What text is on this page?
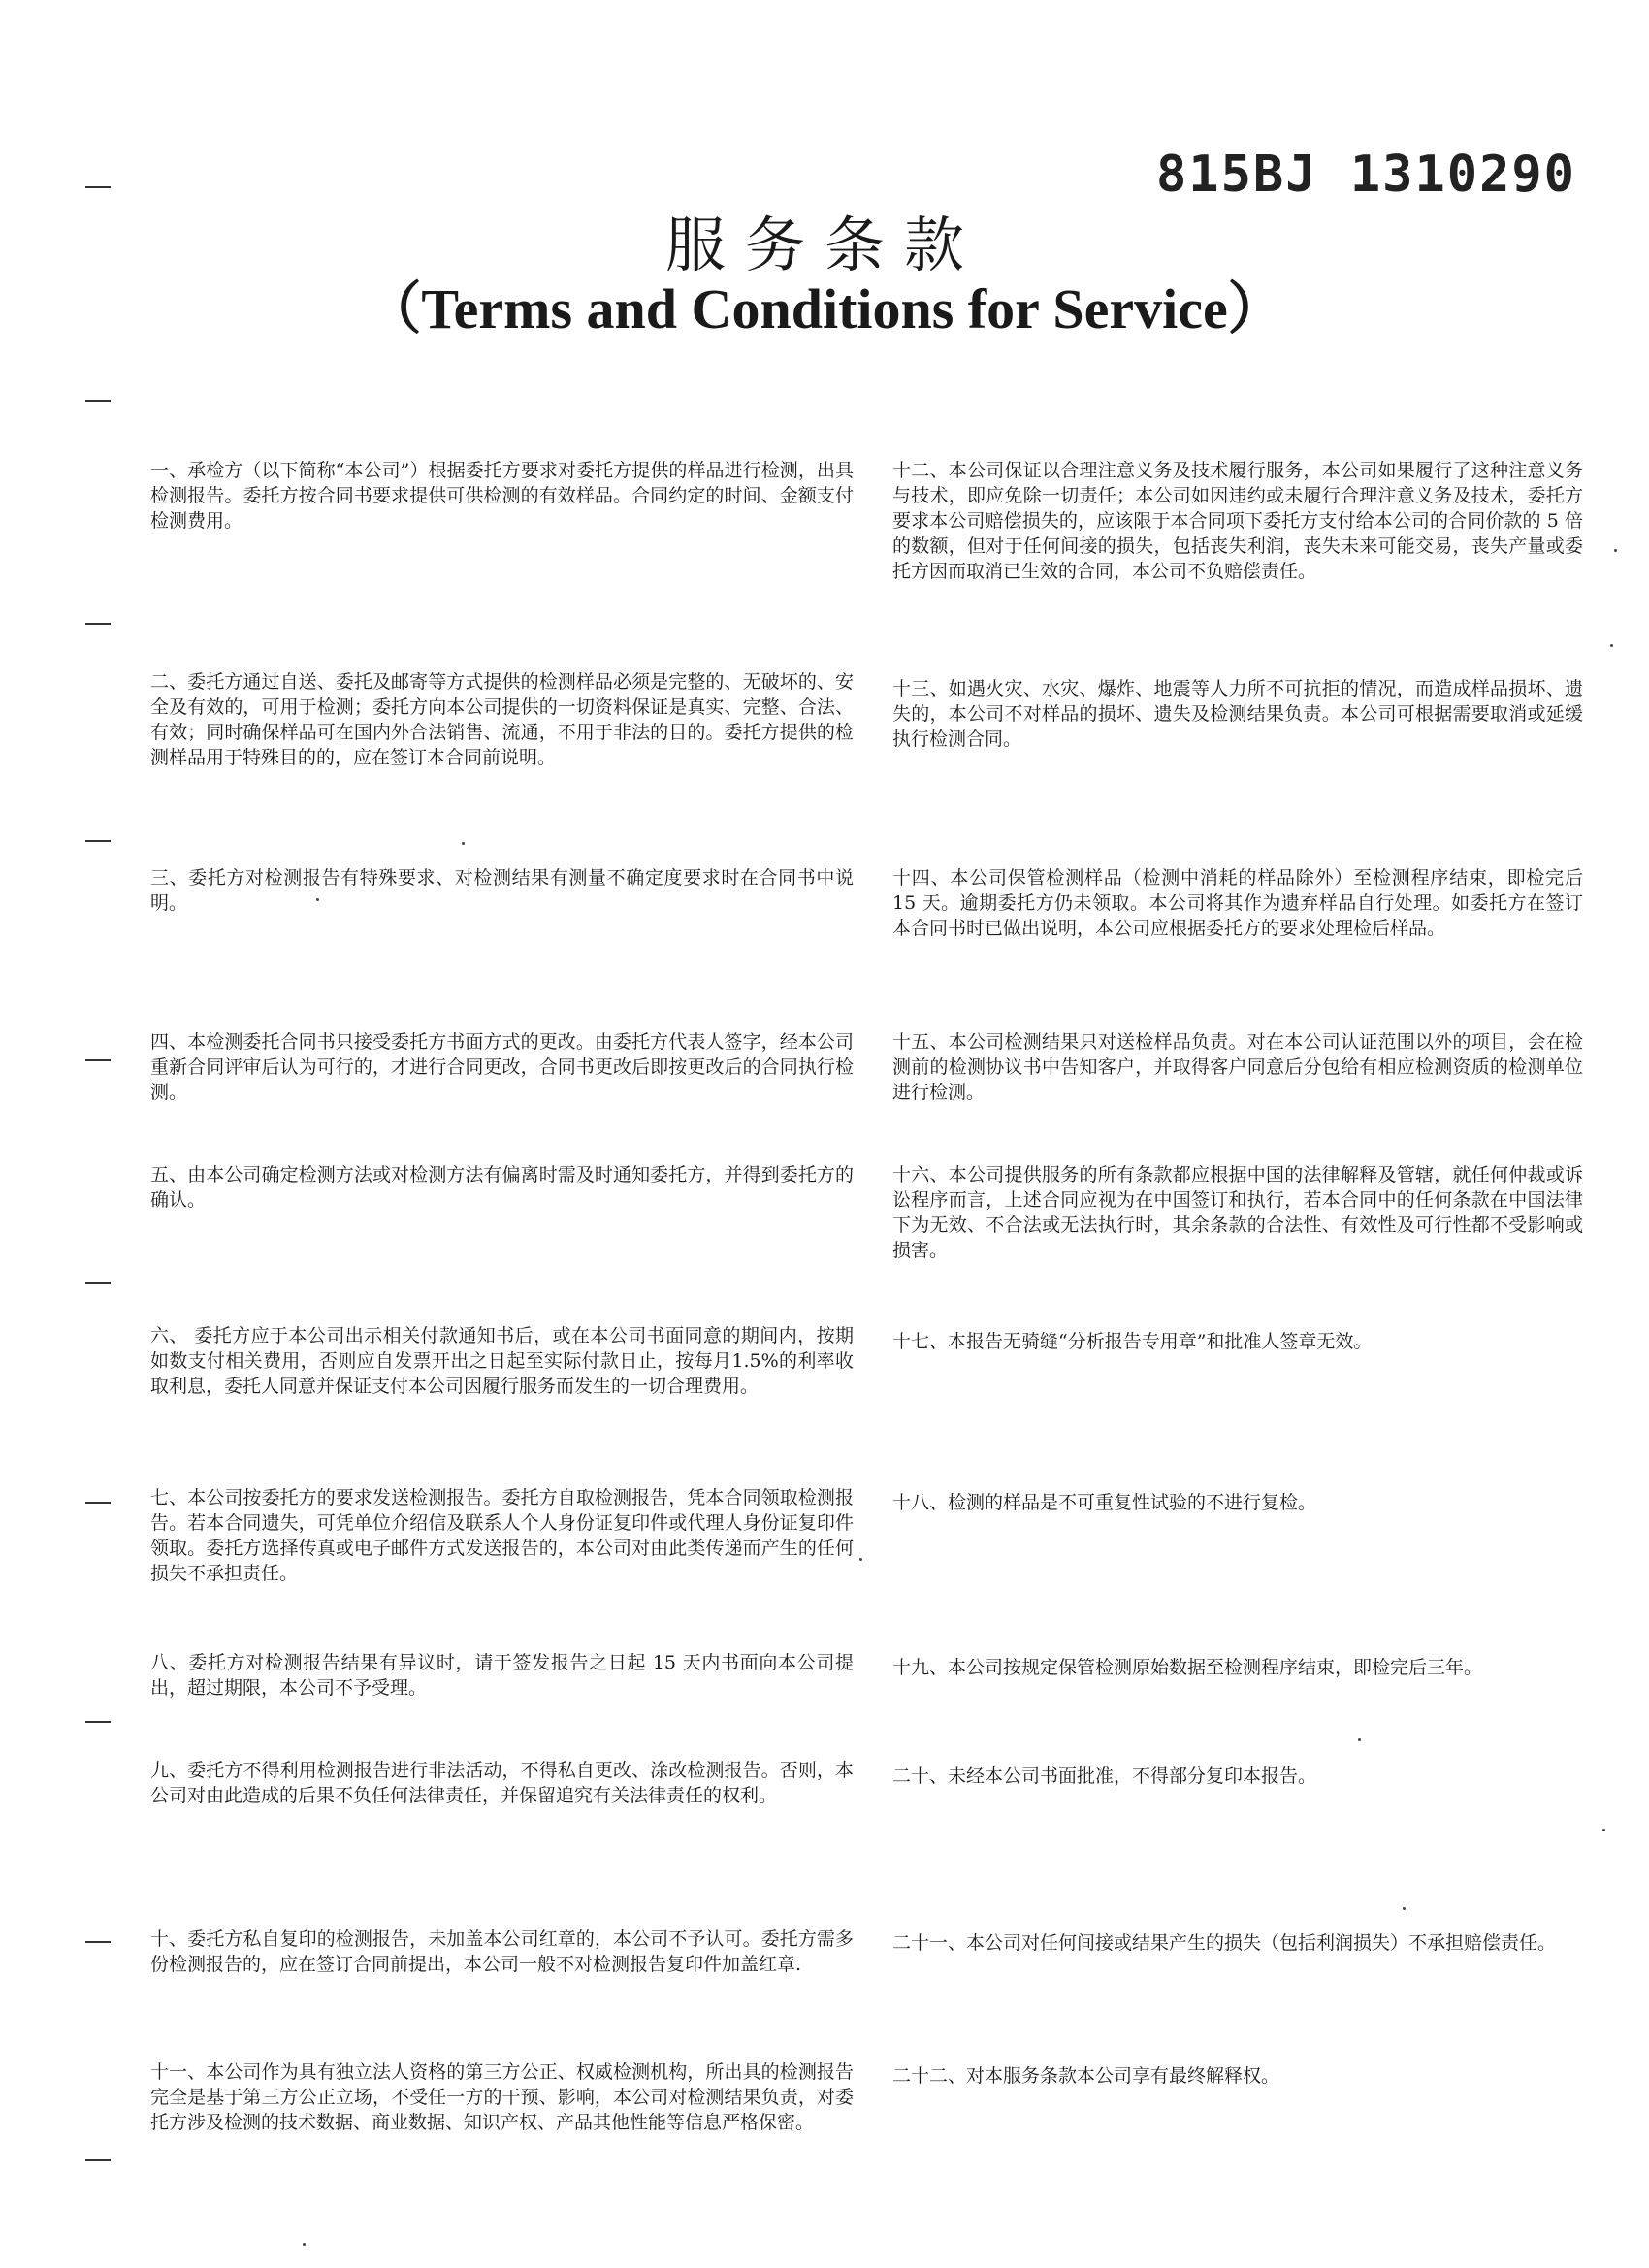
815BJ 1310290
服务条款
（Terms and Conditions for Service）

一、承检方（以下简称“本公司”）根据委托方要求对委托方提供的样品进行检测，出具检测报告。委托方按合同书要求提供可供检测的有效样品。合同约定的时间、金额支付检测费用。

二、委托方通过自送、委托及邮寄等方式提供的检测样品必须是完整的、无破坏的、安全及有效的，可用于检测；委托方向本公司提供的一切资料保证是真实、完整、合法、有效；同时确保样品可在国内外合法销售、流通，不用于非法的目的。委托方提供的检测样品用于特殊目的的，应在签订本合同前说明。

三、委托方对检测报告有特殊要求、对检测结果有测量不确定度要求时在合同书中说明。

四、本检测委托合同书只接受委托方书面方式的更改。由委托方代表人签字，经本公司重新合同评审后认为可行的，才进行合同更改，合同书更改后即按更改后的合同执行检测。

五、由本公司确定检测方法或对检测方法有偏离时需及时通知委托方，并得到委托方的确认。

六、 委托方应于本公司出示相关付款通知书后，或在本公司书面同意的期间内，按期如数支付相关费用，否则应自发票开出之日起至实际付款日止，按每月1.5%的利率收取利息，委托人同意并保证支付本公司因履行服务而发生的一切合理费用。

七、本公司按委托方的要求发送检测报告。委托方自取检测报告，凭本合同领取检测报告。若本合同遗失，可凭单位介绍信及联系人个人身份证复印件或代理人身份证复印件领取。委托方选择传真或电子邮件方式发送报告的，本公司对由此类传递而产生的任何损失不承担责任。

八、委托方对检测报告结果有异议时，请于签发报告之日起 15 天内书面向本公司提出，超过期限，本公司不予受理。

九、委托方不得利用检测报告进行非法活动，不得私自更改、涂改检测报告。否则，本公司对由此造成的后果不负任何法律责任，并保留追究有关法律责任的权利。

十、委托方私自复印的检测报告，未加盖本公司红章的，本公司不予认可。委托方需多份检测报告的，应在签订合同前提出，本公司一般不对检测报告复印件加盖红章.

十一、本公司作为具有独立法人资格的第三方公正、权威检测机构，所出具的检测报告完全是基于第三方公正立场，不受任一方的干预、影响，本公司对检测结果负责，对委托方涉及检测的技术数据、商业数据、知识产权、产品其他性能等信息严格保密。

十二、本公司保证以合理注意义务及技术履行服务，本公司如果履行了这种注意义务与技术，即应免除一切责任；本公司如因违约或未履行合理注意义务及技术，委托方要求本公司赔偿损失的，应该限于本合同项下委托方支付给本公司的合同价款的 5 倍的数额，但对于任何间接的损失，包括丧失利润，丧失未来可能交易，丧失产量或委托方因而取消已生效的合同，本公司不负赔偿责任。

十三、如遇火灾、水灾、爆炸、地震等人力所不可抗拒的情况，而造成样品损坏、遗失的，本公司不对样品的损坏、遗失及检测结果负责。本公司可根据需要取消或延缓执行检测合同。

十四、本公司保管检测样品（检测中消耗的样品除外）至检测程序结束，即检完后 15 天。逾期委托方仍未领取。本公司将其作为遗弃样品自行处理。如委托方在签订本合同书时已做出说明，本公司应根据委托方的要求处理检后样品。

十五、本公司检测结果只对送检样品负责。对在本公司认证范围以外的项目，会在检测前的检测协议书中告知客户，并取得客户同意后分包给有相应检测资质的检测单位进行检测。

十六、本公司提供服务的所有条款都应根据中国的法律解释及管辖，就任何仲裁或诉讼程序而言，上述合同应视为在中国签订和执行，若本合同中的任何条款在中国法律下为无效、不合法或无法执行时，其余条款的合法性、有效性及可行性都不受影响或损害。

十七、本报告无骑缝“分析报告专用章”和批准人签章无效。

十八、检测的样品是不可重复性试验的不进行复检。

十九、本公司按规定保管检测原始数据至检测程序结束，即检完后三年。

二十、未经本公司书面批准，不得部分复印本报告。

二十一、本公司对任何间接或结果产生的损失（包括利润损失）不承担赔偿责任。

二十二、对本服务条款本公司享有最终解释权。
